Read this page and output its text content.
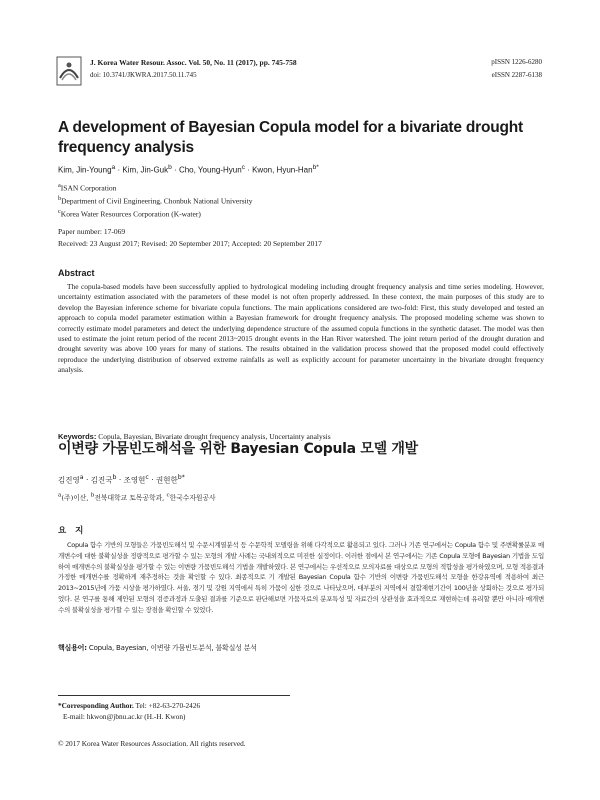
J. Korea Water Resour. Assoc. Vol. 50, No. 11 (2017), pp. 745-758
doi: 10.3741/JKWRA.2017.50.11.745
pISSN 1226-6280
eISSN 2287-6138
A development of Bayesian Copula model for a bivariate drought frequency analysis
Kim, Jin-Young$^a$ · Kim, Jin-Guk$^b$ · Cho, Young-Hyun$^c$ · Kwon, Hyun-Han$^{b*}$
$^a$ISAN Corporation
$^b$Department of Civil Engineering, Chonbuk National University
$^c$Korea Water Resources Corporation (K-water)
Paper number: 17-069
Received: 23 August 2017; Revised: 20 September 2017; Accepted: 20 September 2017
Abstract

The copula-based models have been successfully applied to hydrological modeling including drought frequency analysis and time series modeling. However, uncertainty estimation associated with the parameters of these model is not often properly addressed. In these context, the main purposes of this study are to develop the Bayesian inference scheme for bivariate copula functions. The main applications considered are two-fold: First, this study developed and tested an approach to copula model parameter estimation within a Bayesian framework for drought frequency analysis. The proposed modeling scheme was shown to correctly estimate model parameters and detect the underlying dependence structure of the assumed copula functions in the synthetic dataset. The model was then used to estimate the joint return period of the recent 2013~2015 drought events in the Han River watershed. The joint return period of the drought duration and drought severity was above 100 years for many of stations. The results obtained in the validation process showed that the proposed model could effectively reproduce the underlying distribution of observed extreme rainfalls as well as explicitly account for parameter uncertainty in the bivariate drought frequency analysis.

Keywords: Copula, Bayesian, Bivariate drought frequency analysis, Uncertainty analysis
이변량 가뭄빈도해석을 위한 Bayesian Copula 모델 개발
김진영$^a$ · 김진국$^b$ · 조영현$^c$ · 권현한$^{b*}$
$^a$(주)이산, $^b$전북대학교 토목공학과, $^c$한국수자원공사
요 지

Copula 함수 기반의 모형들은 가뭄빈도해석 및 수문시계열분석 등 수문학적 모델링을 위해 다각적으로 활용되고 있다. 그러나 기존 연구에서는 Copula 함수 및 주변확률분포 매개변수에 대한 불확실성을 정량적으로 평가할 수 있는 모형의 개발 사례는 국내외적으로 미진한 실정이다. 이러한 점에서 본 연구에서는 기존 Copula 모형에 Bayesian 기법을 도입하여 매개변수의 불확실성을 평가할 수 있는 이변량 가뭄빈도해석 기법을 개발하였다. 본 연구에서는 우선적으로 모의자료를 대상으로 모형의 적합성을 평가하였으며, 모형 적용결과 가정한 매개변수를 정확하게 재추정하는 것을 확인할 수 있다. 최종적으로 기 개발된 Bayesian Copula 함수 기반의 이변량 가뭄빈도해석 모형을 한강유역에 적용하여 최근 2013~2015년에 가뭄 시상을 평가하였다. 서울, 경기 및 강원 지역에서 특히 가뭄이 심한 것으로 나타났으며, 대부분의 지역에서 결합재현기간이 100년을 상회하는 것으로 평가되었다. 본 연구를 통해 제안된 모형의 검증과정과 도출된 결과를 기준으로 판단해보면 가뭄자료의 분포특성 및 자료간의 상관성을 효과적으로 재현하는데 유리할 뿐만 아니라 매개변수의 불확실성을 평가할 수 있는 장점을 확인할 수 있었다.

핵심용어: Copula, Bayesian, 이변량 가뭄빈도분석, 불확실성 분석
*Corresponding Author. Tel: +82-63-270-2426
E-mail: hkwon@jbnu.ac.kr (H.-H. Kwon)
© 2017 Korea Water Resources Association. All rights reserved.
